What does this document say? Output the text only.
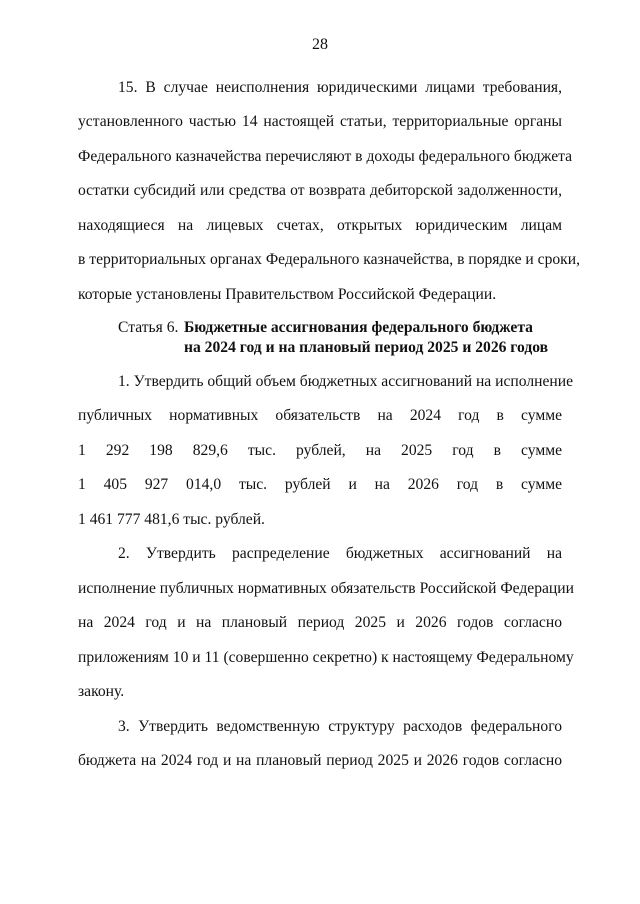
28
15. В случае неисполнения юридическими лицами требования,
установленного частью 14 настоящей статьи, территориальные органы
Федерального казначейства перечисляют в доходы федерального бюджета
остатки субсидий или средства от возврата дебиторской задолженности,
находящиеся на лицевых счетах, открытых юридическим лицам
в территориальных органах Федерального казначейства, в порядке и сроки,
которые установлены Правительством Российской Федерации.
Статья 6. Бюджетные ассигнования федерального бюджета
на 2024 год и на плановый период 2025 и 2026 годов
1. Утвердить общий объем бюджетных ассигнований на исполнение
публичных нормативных обязательств на 2024 год в сумме
1 292 198 829,6 тыс. рублей, на 2025 год в сумме
1 405 927 014,0 тыс. рублей и на 2026 год в сумме
1 461 777 481,6 тыс. рублей.
2. Утвердить распределение бюджетных ассигнований на
исполнение публичных нормативных обязательств Российской Федерации
на 2024 год и на плановый период 2025 и 2026 годов согласно
приложениям 10 и 11 (совершенно секретно) к настоящему Федеральному
закону.
3. Утвердить ведомственную структуру расходов федерального
бюджета на 2024 год и на плановый период 2025 и 2026 годов согласно
